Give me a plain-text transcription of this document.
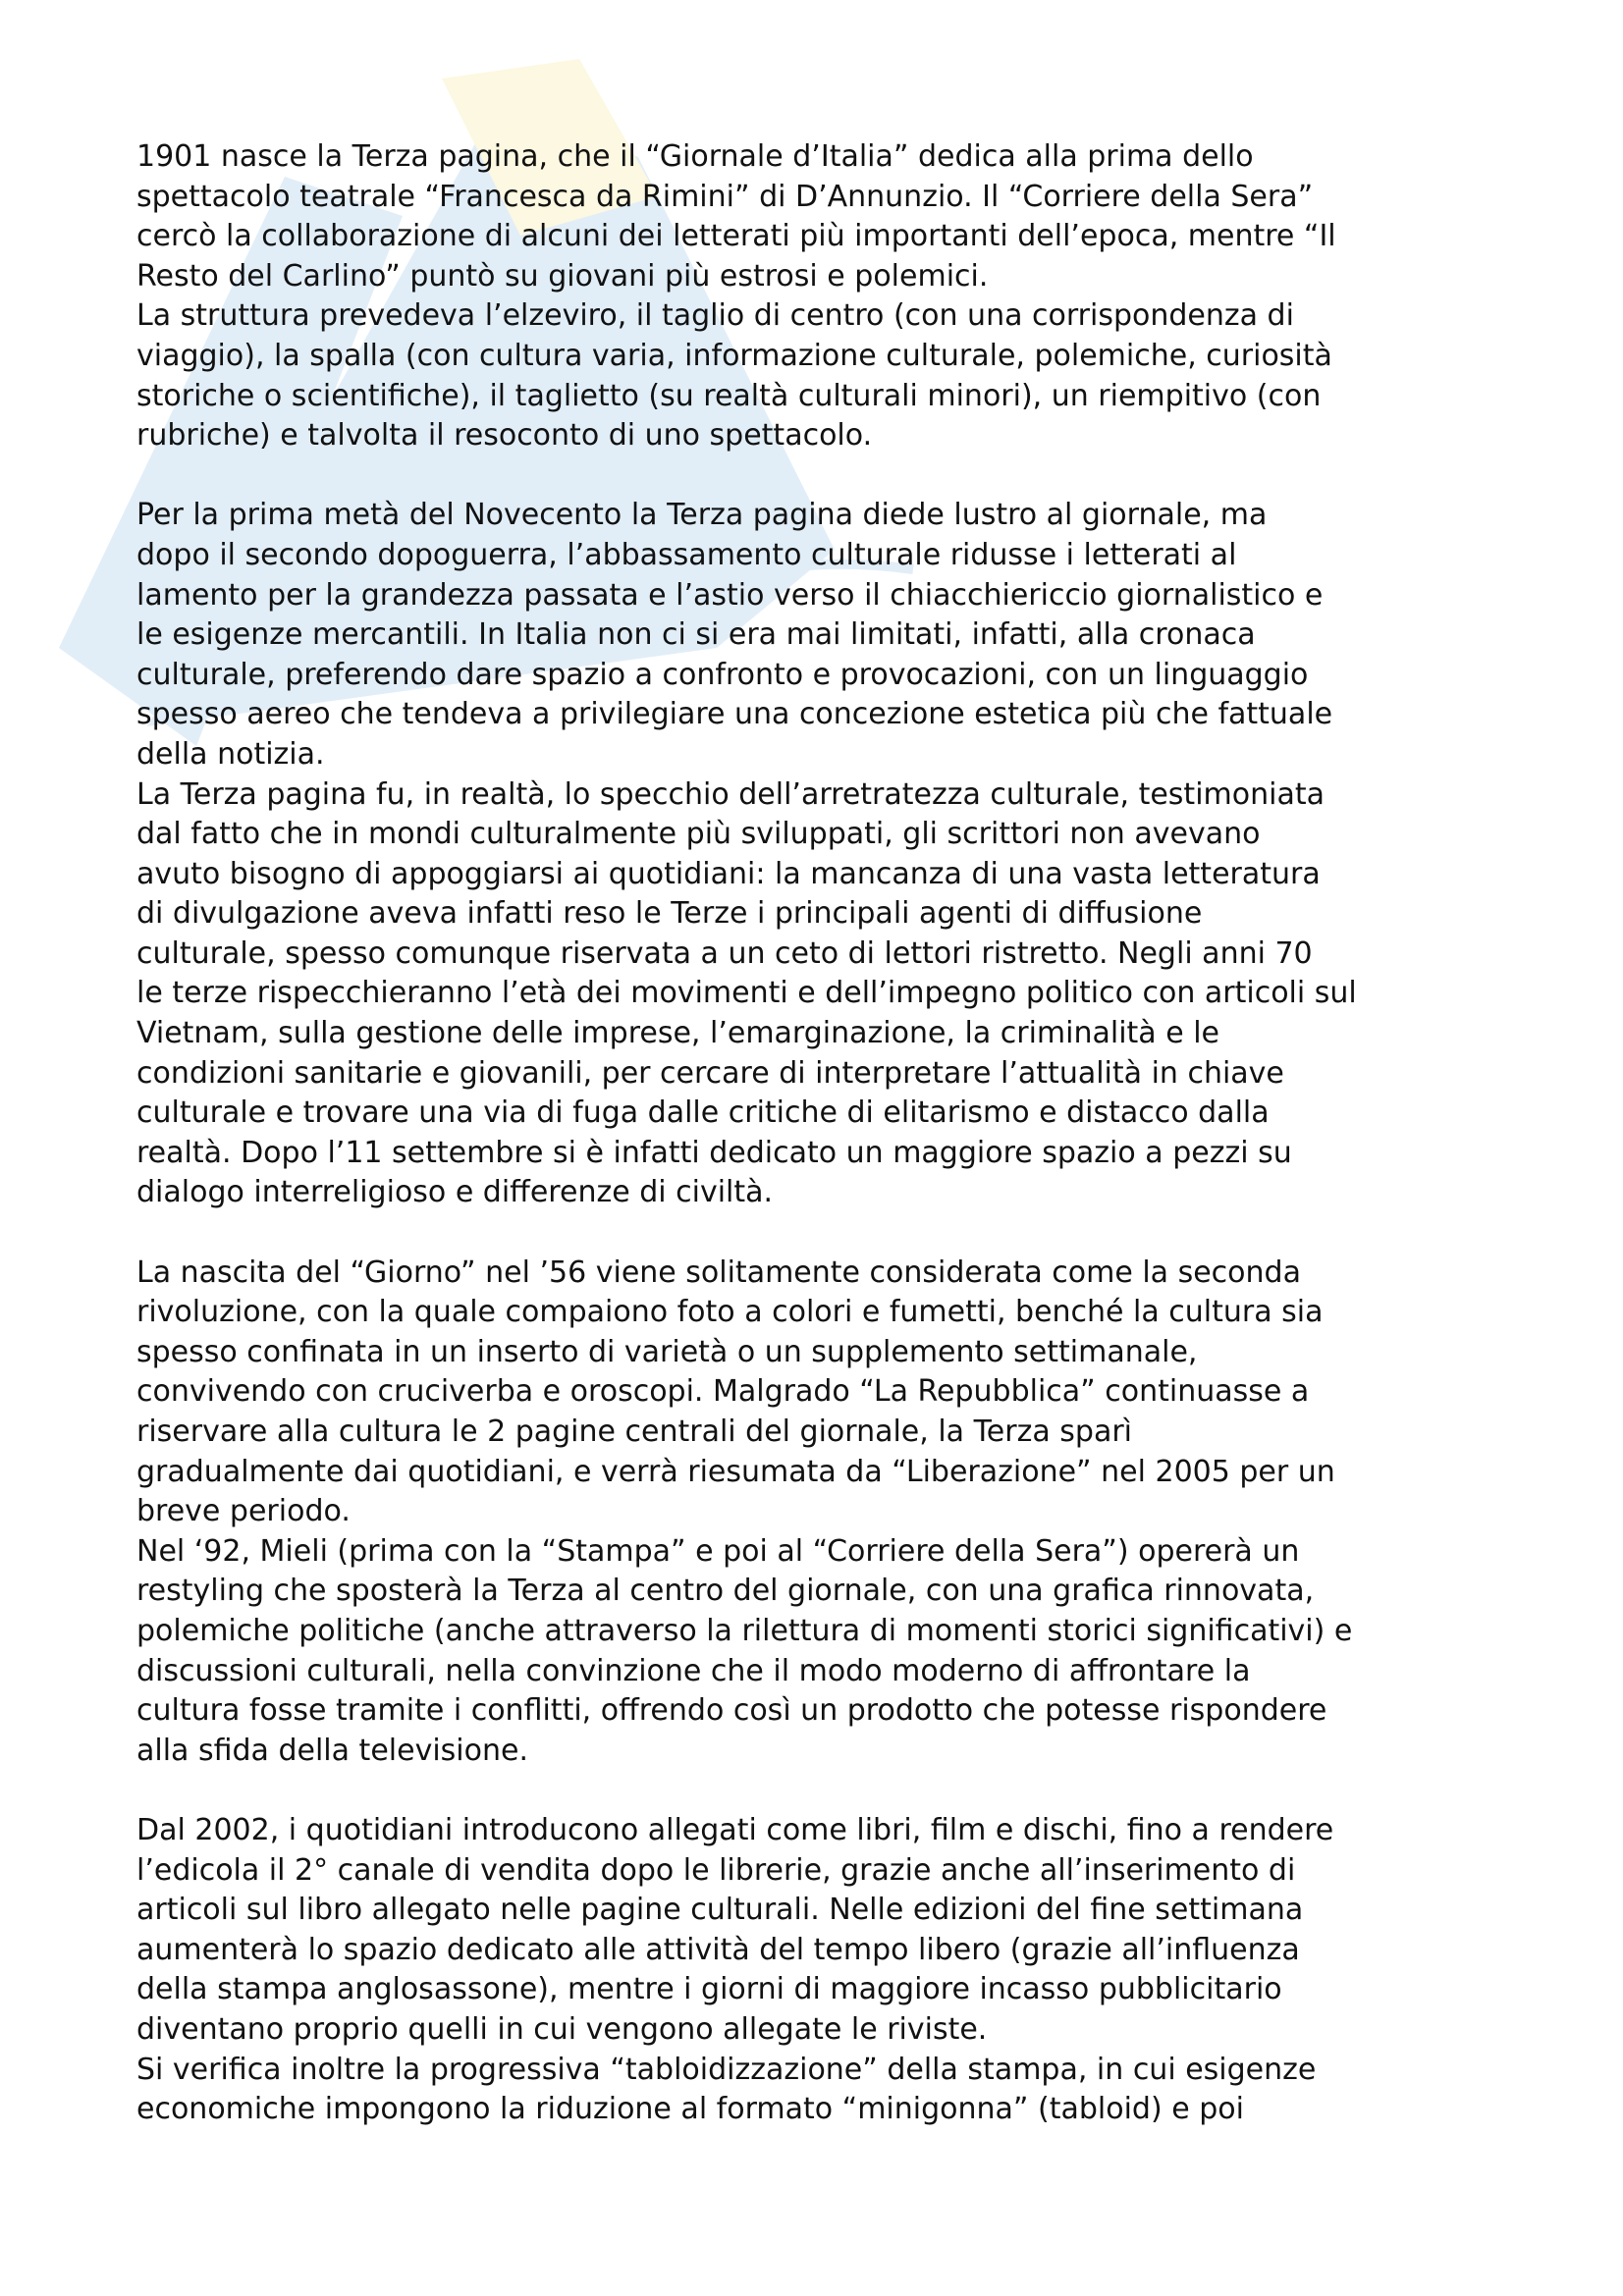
1901 nasce la Terza pagina, che il “Giornale d’Italia” dedica alla prima dello
spettacolo teatrale “Francesca da Rimini” di D’Annunzio. Il “Corriere della Sera”
cercò la collaborazione di alcuni dei letterati più importanti dell’epoca, mentre “Il
Resto del Carlino” puntò su giovani più estrosi e polemici.

La struttura prevedeva l’elzeviro, il taglio di centro (con una corrispondenza di
viaggio), la spalla (con cultura varia, informazione culturale, polemiche, curiosità
storiche o scientifiche), il taglietto (su realtà culturali minori), un riempitivo (con
rubriche) e talvolta il resoconto di uno spettacolo.

Per la prima metà del Novecento la Terza pagina diede lustro al giornale, ma
dopo il secondo dopoguerra, l’abbassamento culturale ridusse i letterati al
lamento per la grandezza passata e l’astio verso il chiacchiericcio giornalistico e
le esigenze mercantili. In Italia non ci si era mai limitati, infatti, alla cronaca
culturale, preferendo dare spazio a confronto e provocazioni, con un linguaggio
spesso aereo che tendeva a privilegiare una concezione estetica più che fattuale
della notizia.

La Terza pagina fu, in realtà, lo specchio dell’arretratezza culturale, testimoniata
dal fatto che in mondi culturalmente più sviluppati, gli scrittori non avevano
avuto bisogno di appoggiarsi ai quotidiani: la mancanza di una vasta letteratura
di divulgazione aveva infatti reso le Terze i principali agenti di diffusione
culturale, spesso comunque riservata a un ceto di lettori ristretto. Negli anni 70
le terze rispecchieranno l’età dei movimenti e dell’impegno politico con articoli sul
Vietnam, sulla gestione delle imprese, l’emarginazione, la criminalità e le
condizioni sanitarie e giovanili, per cercare di interpretare l’attualità in chiave
culturale e trovare una via di fuga dalle critiche di elitarismo e distacco dalla
realtà. Dopo l’11 settembre si è infatti dedicato un maggiore spazio a pezzi su
dialogo interreligioso e differenze di civiltà.

La nascita del “Giorno” nel ’56 viene solitamente considerata come la seconda
rivoluzione, con la quale compaiono foto a colori e fumetti, benché la cultura sia
spesso confinata in un inserto di varietà o un supplemento settimanale,
convivendo con cruciverba e oroscopi. Malgrado “La Repubblica” continuasse a
riservare alla cultura le 2 pagine centrali del giornale, la Terza sparì
gradualmente dai quotidiani, e verrà riesumata da “Liberazione” nel 2005 per un
breve periodo.

Nel ‘92, Mieli (prima con la “Stampa” e poi al “Corriere della Sera”) opererà un
restyling che sposterà la Terza al centro del giornale, con una grafica rinnovata,
polemiche politiche (anche attraverso la rilettura di momenti storici significativi) e
discussioni culturali, nella convinzione che il modo moderno di affrontare la
cultura fosse tramite i conflitti, offrendo così un prodotto che potesse rispondere
alla sfida della televisione.

Dal 2002, i quotidiani introducono allegati come libri, film e dischi, fino a rendere
l’edicola il 2° canale di vendita dopo le librerie, grazie anche all’inserimento di
articoli sul libro allegato nelle pagine culturali. Nelle edizioni del fine settimana
aumenterà lo spazio dedicato alle attività del tempo libero (grazie all’influenza
della stampa anglosassone), mentre i giorni di maggiore incasso pubblicitario
diventano proprio quelli in cui vengono allegate le riviste.

Si verifica inoltre la progressiva “tabloidizzazione” della stampa, in cui esigenze
economiche impongono la riduzione al formato “minigonna” (tabloid) e poi
